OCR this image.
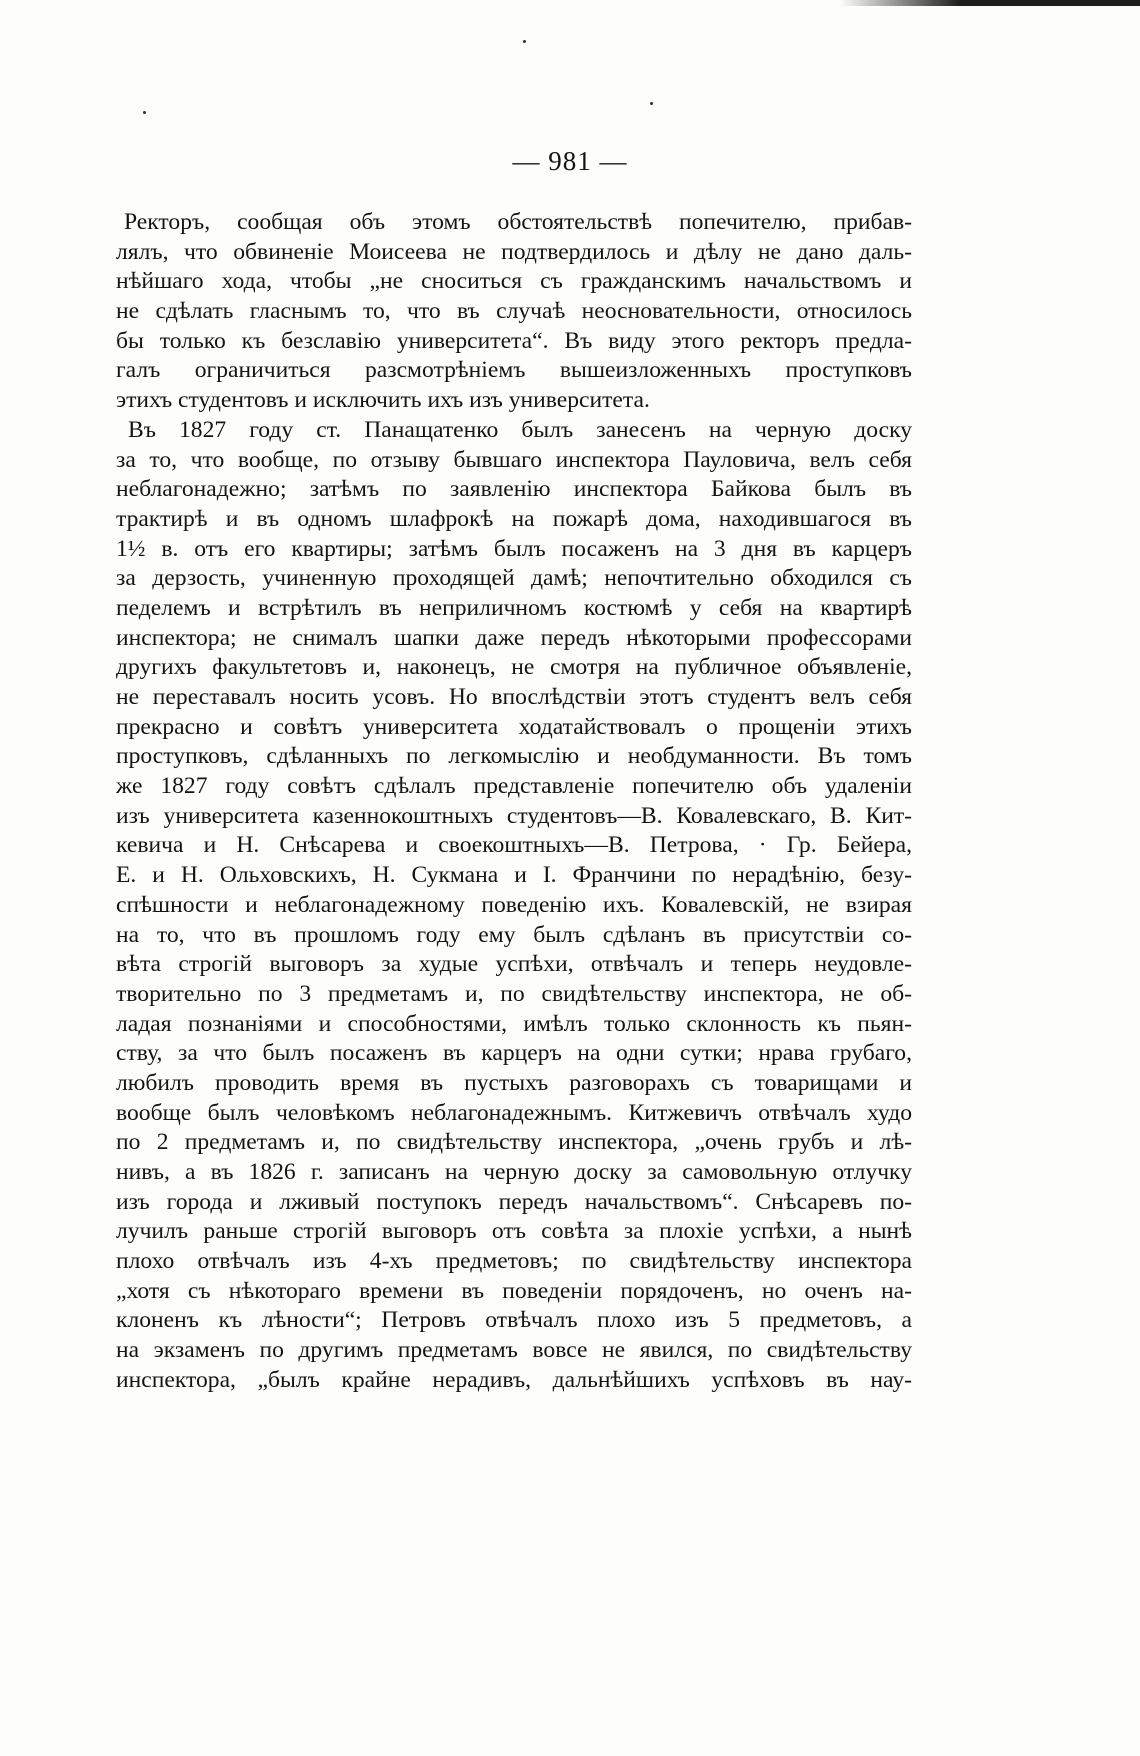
— 981 —
Ректоръ, сообщая объ этомъ обстоятельствѣ попечителю, прибав-
лялъ, что обвиненіе Моисеева не подтвердилось и дѣлу не дано даль-
нѣйшаго хода, чтобы „не сноситься съ гражданскимъ начальствомъ и
не сдѣлать гласнымъ то, что въ случаѣ неосновательности, относилось
бы только къ безславію университета“. Въ виду этого ректоръ предла-
галъ ограничиться разсмотрѣніемъ вышеизложенныхъ проступковъ
этихъ студентовъ и исключить ихъ изъ университета.
Въ 1827 году ст. Панащатенко былъ занесенъ на черную доску
за то, что вообще, по отзыву бывшаго инспектора Пауловича, велъ себя
неблагонадежно; затѣмъ по заявленію инспектора Байкова былъ въ
трактирѣ и въ одномъ шлафрокѣ на пожарѣ дома, находившагося въ
1½ в. отъ его квартиры; затѣмъ былъ посаженъ на 3 дня въ карцеръ
за дерзость, учиненную проходящей дамѣ; непочтительно обходился съ
педелемъ и встрѣтилъ въ неприличномъ костюмѣ у себя на квартирѣ
инспектора; не снималъ шапки даже передъ нѣкоторыми профессорами
другихъ факультетовъ и, наконецъ, не смотря на публичное объявленіе,
не переставалъ носить усовъ. Но впослѣдствіи этотъ студентъ велъ себя
прекрасно и совѣтъ университета ходатайствовалъ о прощеніи этихъ
проступковъ, сдѣланныхъ по легкомыслію и необдуманности. Въ томъ
же 1827 году совѣтъ сдѣлалъ представленіе попечителю объ удаленіи
изъ университета казеннокоштныхъ студентовъ—В. Ковалевскаго, В. Кит-
кевича и Н. Снѣсарева и своекоштныхъ—В. Петрова, · Гр. Бейера,
Е. и Н. Ольховскихъ, Н. Сукмана и І. Франчини по нерадѣнію, безу-
спѣшности и неблагонадежному поведенію ихъ. Ковалевскій, не взирая
на то, что въ прошломъ году ему былъ сдѣланъ въ присутствіи со-
вѣта строгій выговоръ за худые успѣхи, отвѣчалъ и теперь неудовле-
творительно по 3 предметамъ и, по свидѣтельству инспектора, не об-
ладая познаніями и способностями, имѣлъ только склонность къ пьян-
ству, за что былъ посаженъ въ карцеръ на одни сутки; нрава грубаго,
любилъ проводить время въ пустыхъ разговорахъ съ товарищами и
вообще былъ человѣкомъ неблагонадежнымъ. Китжевичъ отвѣчалъ худо
по 2 предметамъ и, по свидѣтельству инспектора, „очень грубъ и лѣ-
нивъ, а въ 1826 г. записанъ на черную доску за самовольную отлучку
изъ города и лживый поступокъ передъ начальствомъ“. Снѣсаревъ по-
лучилъ раньше строгій выговоръ отъ совѣта за плохіе успѣхи, а нынѣ
плохо отвѣчалъ изъ 4-хъ предметовъ; по свидѣтельству инспектора
„хотя съ нѣкотораго времени въ поведеніи порядоченъ, но оченъ на-
клоненъ къ лѣности“; Петровъ отвѣчалъ плохо изъ 5 предметовъ, а
на экзаменъ по другимъ предметамъ вовсе не явился, по свидѣтельству
инспектора, „былъ крайне нерадивъ, дальнѣйшихъ успѣховъ въ нау-
